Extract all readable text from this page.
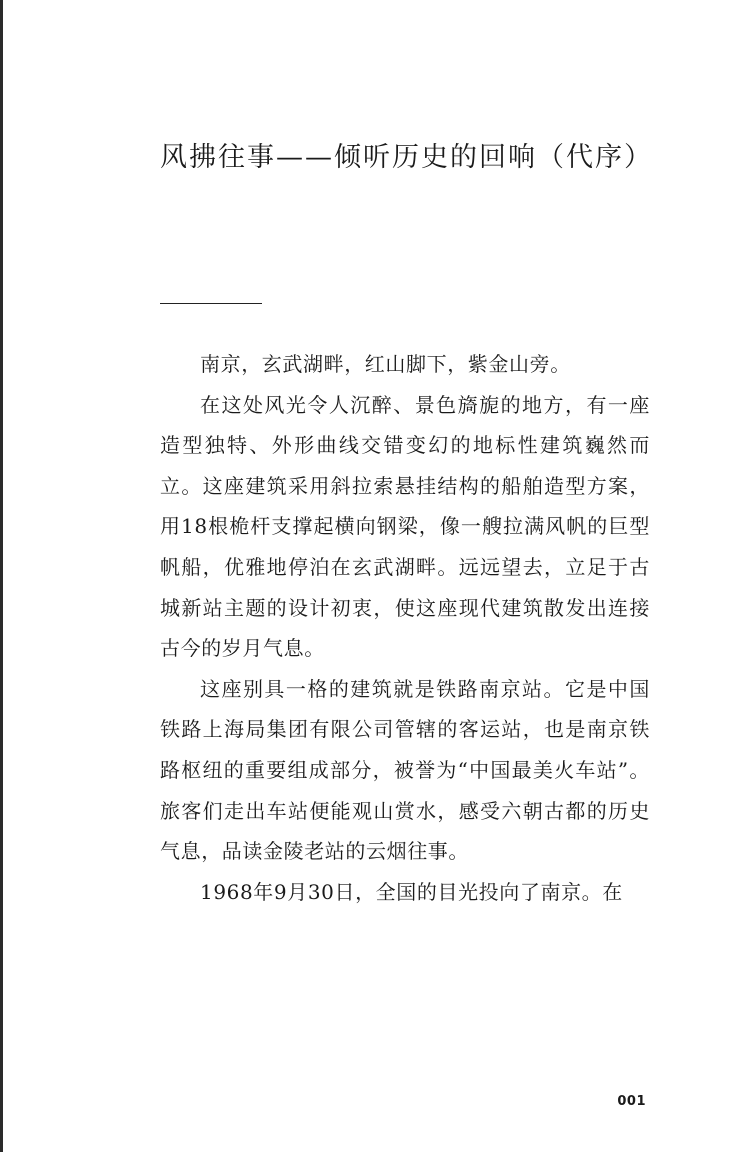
风拂往事——倾听历史的回响（代序）

南京，玄武湖畔，红山脚下，紫金山旁。

在这处风光令人沉醉、景色旖旎的地方，有一座造型独特、外形曲线交错变幻的地标性建筑巍然而立。这座建筑采用斜拉索悬挂结构的船舶造型方案，用18根桅杆支撑起横向钢梁，像一艘拉满风帆的巨型帆船，优雅地停泊在玄武湖畔。远远望去，立足于古城新站主题的设计初衷，使这座现代建筑散发出连接古今的岁月气息。

这座别具一格的建筑就是铁路南京站。它是中国铁路上海局集团有限公司管辖的客运站，也是南京铁路枢纽的重要组成部分，被誉为“中国最美火车站”。旅客们走出车站便能观山赏水，感受六朝古都的历史气息，品读金陵老站的云烟往事。

1968年9月30日，全国的目光投向了南京。在

001
